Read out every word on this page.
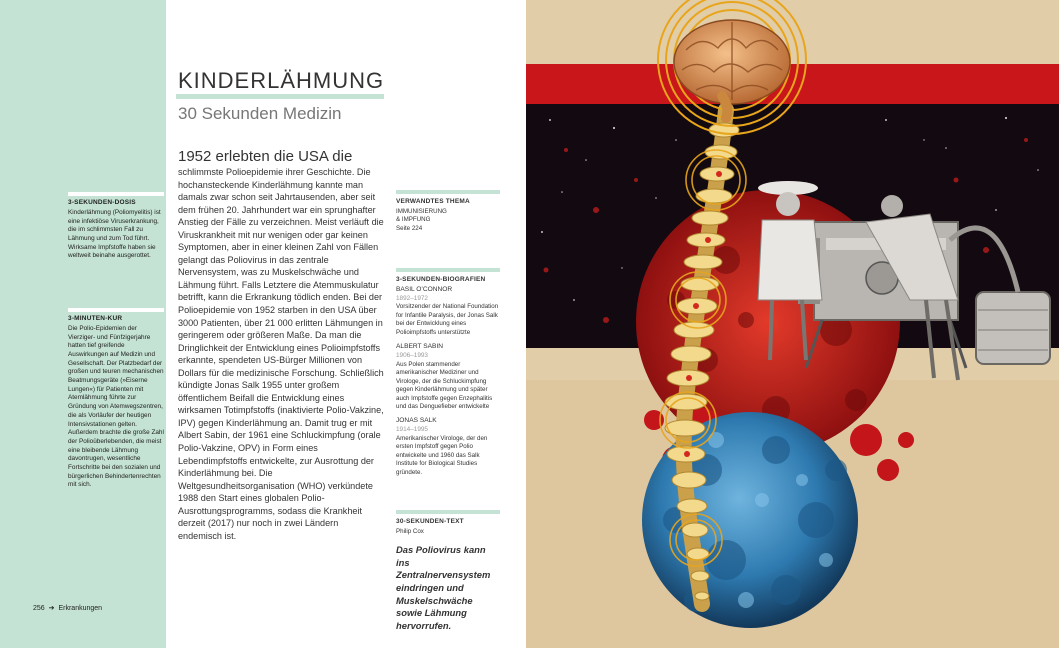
3-SEKUNDEN-DOSIS

Kinderlähmung (Poliomyelitis) ist eine infektiöse Viruserkrankung, die im schlimmsten Fall zu Lähmung und zum Tod führt. Wirksame Impfstoffe haben sie weltweit beinahe ausgerottet.

3-MINUTEN-KUR

Die Polio-Epidemien der Vierziger- und Fünfzigerjahre hatten tief greifende Auswirkungen auf Medizin und Gesellschaft. Der Platzbedarf der großen und teuren mechanischen Beatmungsgeräte (»Eiserne Lungen«) für Patienten mit Atemlähmung führte zur Gründung von Atemwegszentren, die als Vorläufer der heutigen Intensivstationen gelten. Außerdem brachte die große Zahl der Polioüberlebenden, die meist eine bleibende Lähmung davontrugen, wesentliche Fortschritte bei den sozialen und bürgerlichen Behindertenrechten mit sich.

256 ➔ Erkrankungen
KINDERLÄHMUNG
30 Sekunden Medizin
1952 erlebten die USA die
schlimmste Polioepidemie ihrer Geschichte. Die hochansteckende Kinderlähmung kannte man damals zwar schon seit Jahrtausenden, aber seit dem frühen 20. Jahrhundert war ein sprunghafter Anstieg der Fälle zu verzeichnen. Meist verläuft die Viruskrankheit mit nur wenigen oder gar keinen Symptomen, aber in einer kleinen Zahl von Fällen gelangt das Poliovirus in das zentrale Nervensystem, was zu Muskelschwäche und Lähmung führt. Falls Letztere die Atemmuskulatur betrifft, kann die Erkrankung tödlich enden. Bei der Polioepidemie von 1952 starben in den USA über 3000 Patienten, über 21 000 erlitten Lähmungen in geringerem oder größeren Maße. Da man die Dringlichkeit der Entwicklung eines Polioimpfstoffs erkannte, spendeten US-Bürger Millionen von Dollars für die medizinische Forschung. Schließlich kündigte Jonas Salk 1955 unter großem öffentlichem Beifall die Entwicklung eines wirksamen Totimpfstoffs (inaktivierte Polio-Vakzine, IPV) gegen Kinderlähmung an. Damit trug er mit Albert Sabin, der 1961 eine Schluckimpfung (orale Polio-Vakzine, OPV) in Form eines Lebendimpfstoffs entwickelte, zur Ausrottung der Kinderlähmung bei. Die Weltgesundheitsorganisation (WHO) verkündete 1988 den Start eines globalen Polio-Ausrottungsprogramms, sodass die Krankheit derzeit (2017) nur noch in zwei Ländern endemisch ist.
VERWANDTES THEMA
IMMUNISIERUNG
& IMPFUNG
Seite 224
3-SEKUNDEN-BIOGRAFIEN
BASIL O’CONNOR
1892–1972
Vorsitzender der National Foundation for Infantile Paralysis, der Jonas Salk bei der Entwicklung eines Polioimpfstoffs unterstützte
ALBERT SABIN
1906–1993
Aus Polen stammender amerikanischer Mediziner und Virologe, der die Schluckimpfung gegen Kinderlähmung und später auch Impfstoffe gegen Enzephalitis und das Denguefieber entwickelte
JONAS SALK
1914–1995
Amerikanischer Virologe, der den ersten Impfstoff gegen Polio entwickelte und 1960 das Salk Institute for Biological Studies gründete.
30-SEKUNDEN-TEXT
Philip Cox
Das Poliovirus kann ins Zentralnervensystem eindringen und Muskelschwäche sowie Lähmung hervorrufen.
